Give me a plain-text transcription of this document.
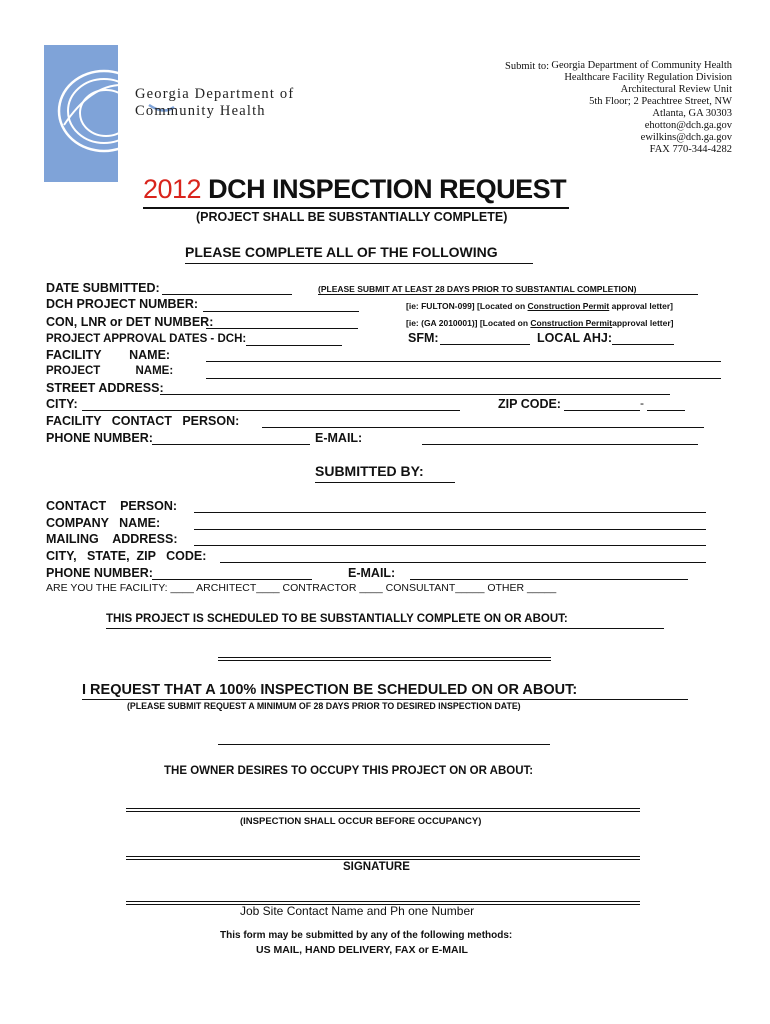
Georgia Department of
Community Health
Submit to: Georgia Department of Community Health
Healthcare Facility Regulation Division
Architectural Review Unit
5th Floor; 2 Peachtree Street, NW
Atlanta, GA 30303
ehotton@dch.ga.gov
ewilkins@dch.ga.gov
FAX 770-344-4282
2012 DCH INSPECTION REQUEST
(PROJECT SHALL BE SUBSTANTIALLY COMPLETE)
PLEASE COMPLETE ALL OF THE FOLLOWING
DATE SUBMITTED:	(PLEASE SUBMIT AT LEAST 28 DAYS PRIOR TO SUBSTANTIAL COMPLETION)
DCH PROJECT NUMBER:	[ie: FULTON-099] [Located on Construction Permit approval letter]
CON, LNR or DET NUMBER:	[ie: (GA 2010001)] [Located on Construction Permitapproval letter]
PROJECT APPROVAL DATES - DCH:	SFM:	LOCAL AHJ:
FACILITY        NAME:
PROJECT           NAME:
STREET ADDRESS:
CITY:	ZIP CODE:	-
FACILITY   CONTACT   PERSON:
PHONE NUMBER:	E-MAIL:
SUBMITTED BY:
CONTACT    PERSON:
COMPANY   NAME:
MAILING    ADDRESS:
CITY,   STATE,  ZIP   CODE:
PHONE NUMBER:	E-MAIL:
ARE YOU THE FACILITY: ____ ARCHITECT____ CONTRACTOR ____ CONSULTANT_____ OTHER _____
THIS PROJECT IS SCHEDULED TO BE SUBSTANTIALLY COMPLETE ON OR ABOUT:
I REQUEST THAT A 100% INSPECTION BE SCHEDULED ON OR ABOUT:
(PLEASE SUBMIT REQUEST A MINIMUM OF 28 DAYS PRIOR TO DESIRED INSPECTION DATE)
THE OWNER DESIRES TO OCCUPY THIS PROJECT ON OR ABOUT:
(INSPECTION SHALL OCCUR BEFORE OCCUPANCY)
SIGNATURE
Job Site Contact Name and Ph one Number
This form may be submitted by any of the following methods:
US MAIL, HAND DELIVERY, FAX or E-MAIL
